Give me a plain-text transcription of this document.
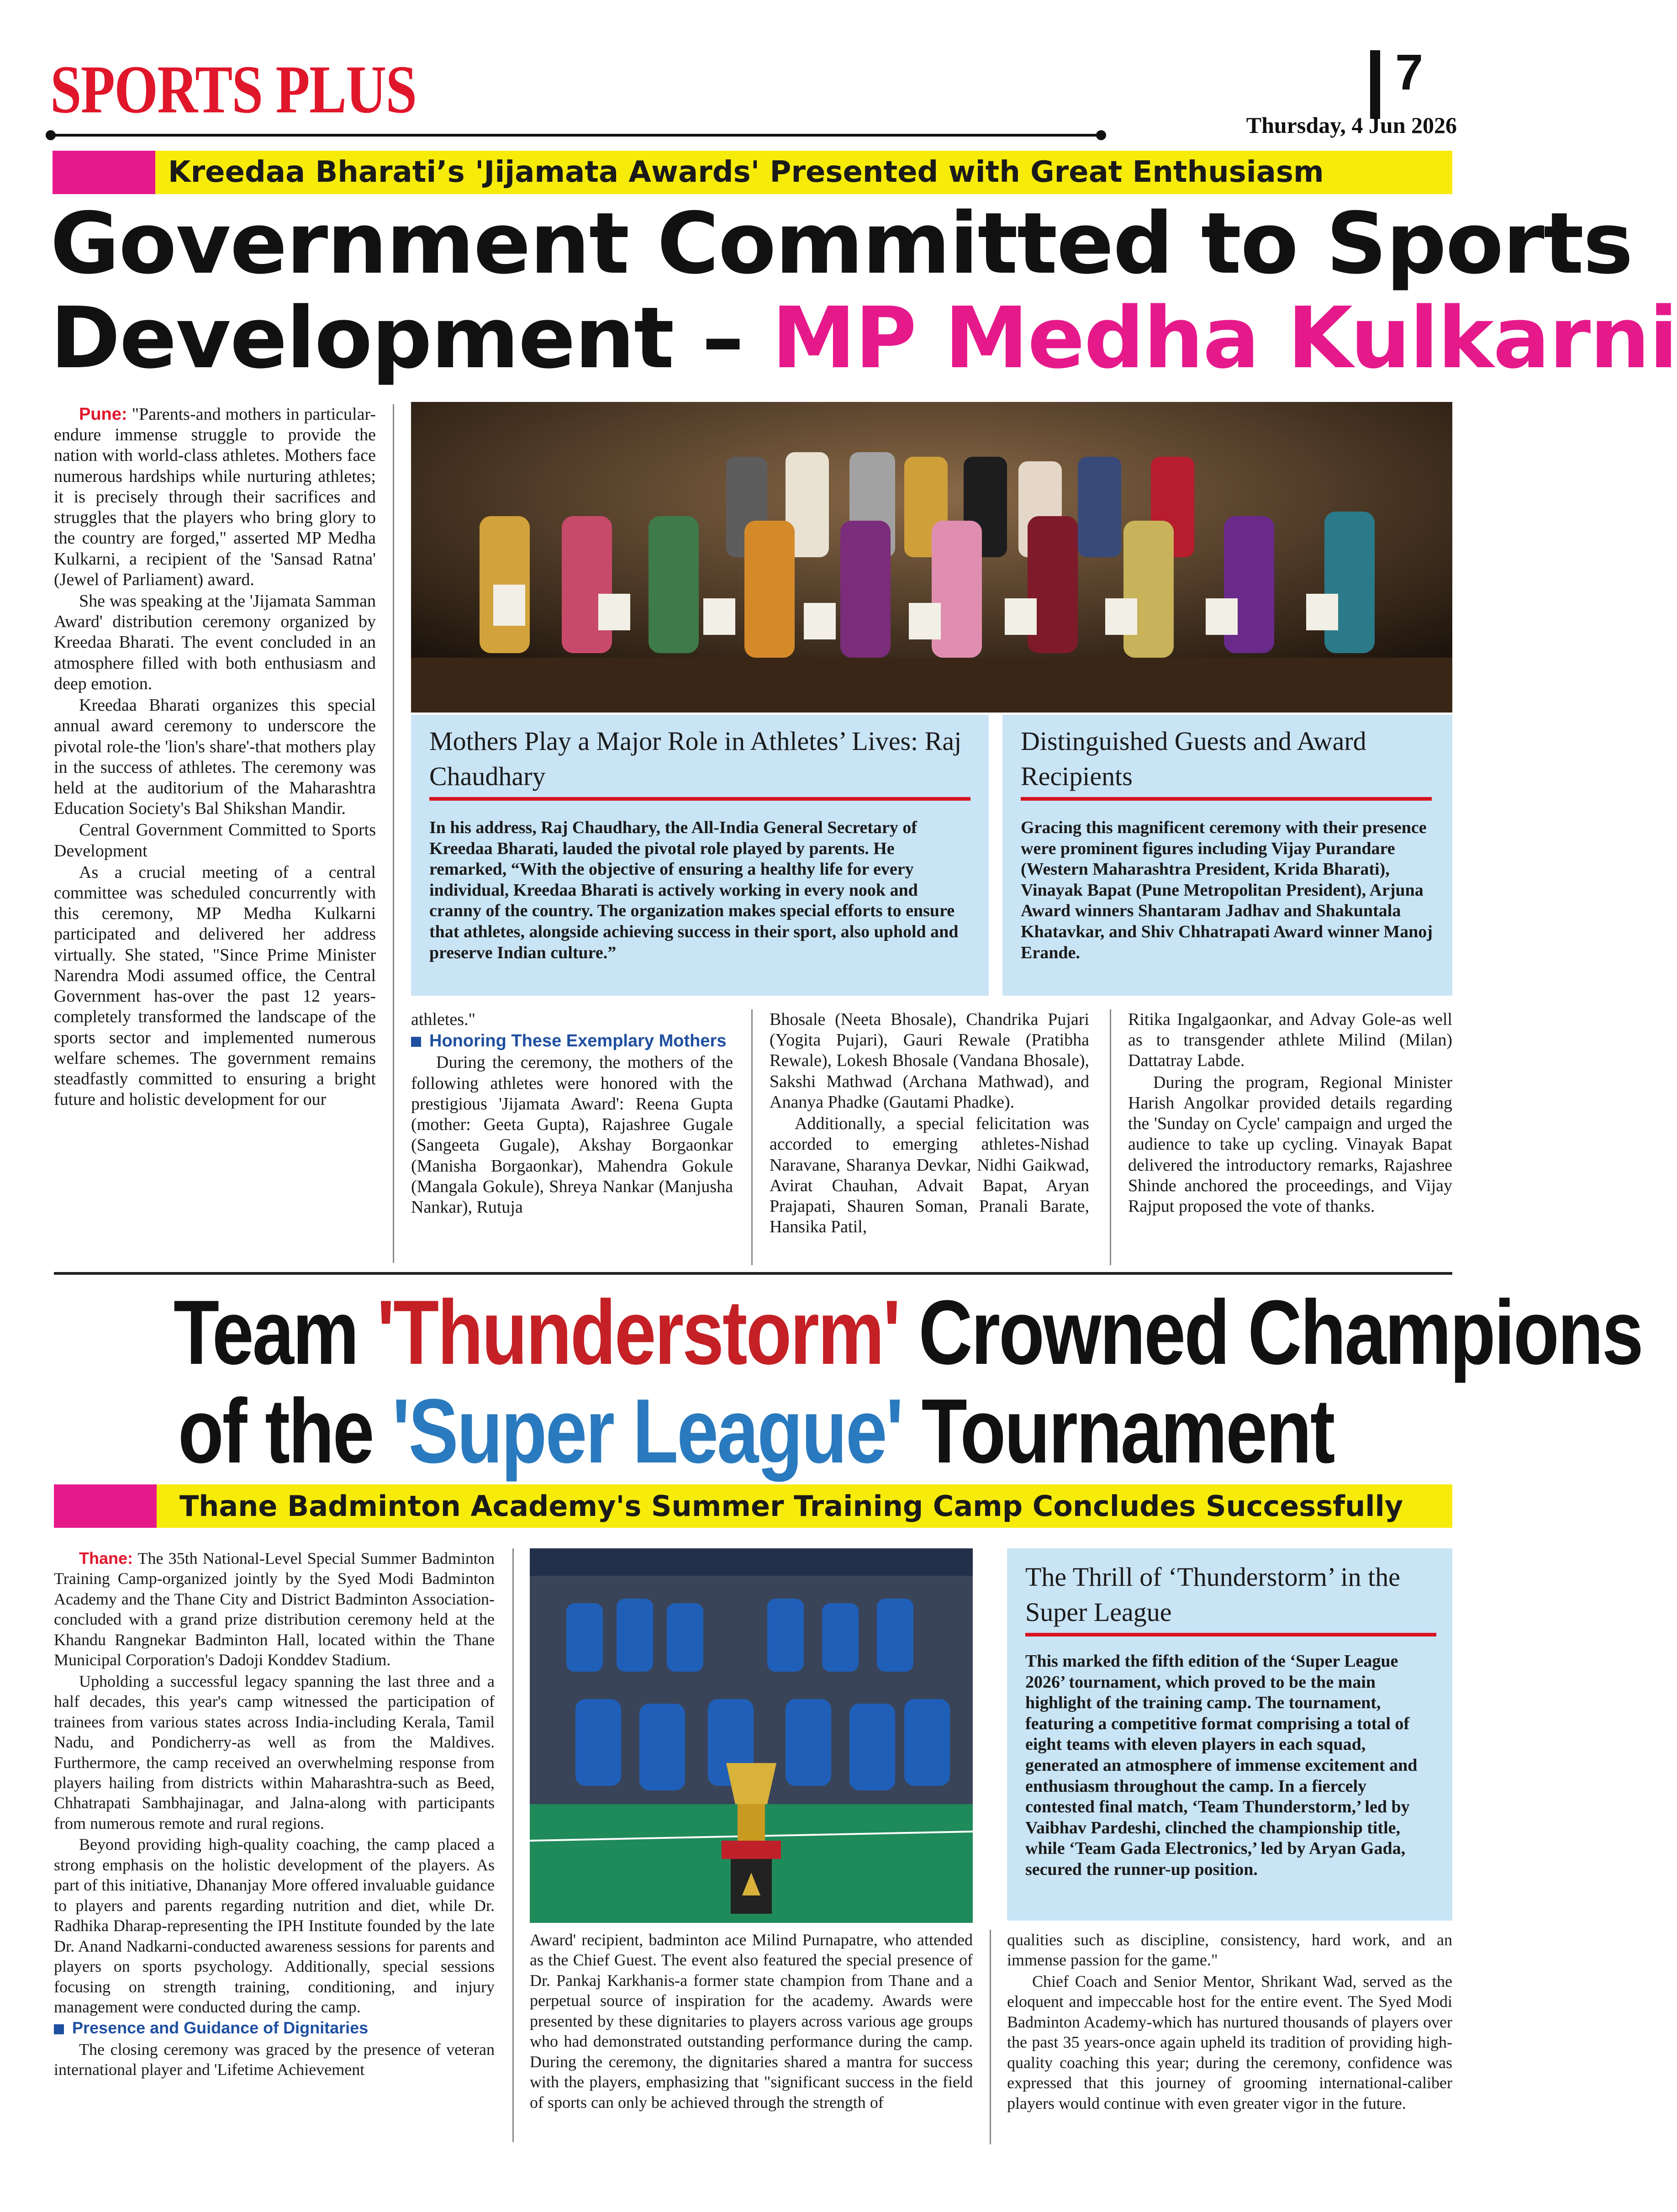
SPORTS PLUS	7
Thursday, 4 Jun 2026
Kreedaa Bharati’s 'Jijamata Awards' Presented with Great Enthusiasm
Government Committed to Sports
Development – MP Medha Kulkarni

Pune: "Parents-and mothers in particular-endure immense struggle to provide the nation with world-class athletes. Mothers face numerous hardships while nurturing athletes; it is precisely through their sacrifices and struggles that the players who bring glory to the country are forged," asserted MP Medha Kulkarni, a recipient of the 'Sansad Ratna' (Jewel of Parliament) award.

She was speaking at the 'Jijamata Samman Award' distribution ceremony organized by Kreedaa Bharati. The event concluded in an atmosphere filled with both enthusiasm and deep emotion.

Kreedaa Bharati organizes this special annual award ceremony to underscore the pivotal role-the 'lion's share'-that mothers play in the success of athletes. The ceremony was held at the auditorium of the Maharashtra Education Society's Bal Shikshan Mandir.

Central Government Committed to Sports Development

As a crucial meeting of a central committee was scheduled concurrently with this ceremony, MP Medha Kulkarni participated and delivered her address virtually. She stated, "Since Prime Minister Narendra Modi assumed office, the Central Government has-over the past 12 years-completely transformed the landscape of the sports sector and implemented numerous welfare schemes. The government remains steadfastly committed to ensuring a bright future and holistic development for our

Mothers Play a Major Role in Athletes’ Lives: Raj Chaudhary
In his address, Raj Chaudhary, the All-India General Secretary of Kreedaa Bharati, lauded the pivotal role played by parents. He remarked, “With the objective of ensuring a healthy life for every individual, Kreedaa Bharati is actively working in every nook and cranny of the country. The organization makes special efforts to ensure that athletes, alongside achieving success in their sport, also uphold and preserve Indian culture.”
Distinguished Guests and Award Recipients
Gracing this magnificent ceremony with their presence were prominent figures including Vijay Purandare (Western Maharashtra President, Krida Bharati), Vinayak Bapat (Pune Metropolitan President), Arjuna Award winners Shantaram Jadhav and Shakuntala Khatavkar, and Shiv Chhatrapati Award winner Manoj Erande.

athletes."

Honoring These Exemplary Mothers

During the ceremony, the mothers of the following athletes were honored with the prestigious 'Jijamata Award': Reena Gupta (mother: Geeta Gupta), Rajashree Gugale (Sangeeta Gugale), Akshay Borgaonkar (Manisha Borgaonkar), Mahendra Gokule (Mangala Gokule), Shreya Nankar (Manjusha Nankar), Rutuja

Bhosale (Neeta Bhosale), Chandrika Pujari (Yogita Pujari), Gauri Rewale (Pratibha Rewale), Lokesh Bhosale (Vandana Bhosale), Sakshi Mathwad (Archana Mathwad), and Ananya Phadke (Gautami Phadke).

Additionally, a special felicitation was accorded to emerging athletes-Nishad Naravane, Sharanya Devkar, Nidhi Gaikwad, Avirat Chauhan, Advait Bapat, Aryan Prajapati, Shauren Soman, Pranali Barate, Hansika Patil,

Ritika Ingalgaonkar, and Advay Gole-as well as to transgender athlete Milind (Milan) Dattatray Labde.

During the program, Regional Minister Harish Angolkar provided details regarding the 'Sunday on Cycle' campaign and urged the audience to take up cycling. Vinayak Bapat delivered the introductory remarks, Rajashree Shinde anchored the proceedings, and Vijay Rajput proposed the vote of thanks.

Team 'Thunderstorm' Crowned Champions
of the 'Super League' Tournament
Thane Badminton Academy's Summer Training Camp Concludes Successfully

Thane: The 35th National-Level Special Summer Badminton Training Camp-organized jointly by the Syed Modi Badminton Academy and the Thane City and District Badminton Association-concluded with a grand prize distribution ceremony held at the Khandu Rangnekar Badminton Hall, located within the Thane Municipal Corporation's Dadoji Konddev Stadium.

Upholding a successful legacy spanning the last three and a half decades, this year's camp witnessed the participation of trainees from various states across India-including Kerala, Tamil Nadu, and Pondicherry-as well as from the Maldives. Furthermore, the camp received an overwhelming response from players hailing from districts within Maharashtra-such as Beed, Chhatrapati Sambhajinagar, and Jalna-along with participants from numerous remote and rural regions.

Beyond providing high-quality coaching, the camp placed a strong emphasis on the holistic development of the players. As part of this initiative, Dhananjay More offered invaluable guidance to players and parents regarding nutrition and diet, while Dr. Radhika Dharap-representing the IPH Institute founded by the late Dr. Anand Nadkarni-conducted awareness sessions for parents and players on sports psychology. Additionally, special sessions focusing on strength training, conditioning, and injury management were conducted during the camp.

Presence and Guidance of Dignitaries

The closing ceremony was graced by the presence of veteran international player and 'Lifetime Achievement

Award' recipient, badminton ace Milind Purnapatre, who attended as the Chief Guest. The event also featured the special presence of Dr. Pankaj Karkhanis-a former state champion from Thane and a perpetual source of inspiration for the academy. Awards were presented by these dignitaries to players across various age groups who had demonstrated outstanding performance during the camp. During the ceremony, the dignitaries shared a mantra for success with the players, emphasizing that "significant success in the field of sports can only be achieved through the strength of

The Thrill of ‘Thunderstorm’ in the Super League
This marked the fifth edition of the ‘Super League 2026’ tournament, which proved to be the main highlight of the training camp. The tournament, featuring a competitive format comprising a total of eight teams with eleven players in each squad, generated an atmosphere of immense excitement and enthusiasm throughout the camp. In a fiercely contested final match, ‘Team Thunderstorm,’ led by Vaibhav Pardeshi, clinched the championship title, while ‘Team Gada Electronics,’ led by Aryan Gada, secured the runner-up position.

qualities such as discipline, consistency, hard work, and an immense passion for the game."

Chief Coach and Senior Mentor, Shrikant Wad, served as the eloquent and impeccable host for the entire event. The Syed Modi Badminton Academy-which has nurtured thousands of players over the past 35 years-once again upheld its tradition of providing high-quality coaching this year; during the ceremony, confidence was expressed that this journey of grooming international-caliber players would continue with even greater vigor in the future.
